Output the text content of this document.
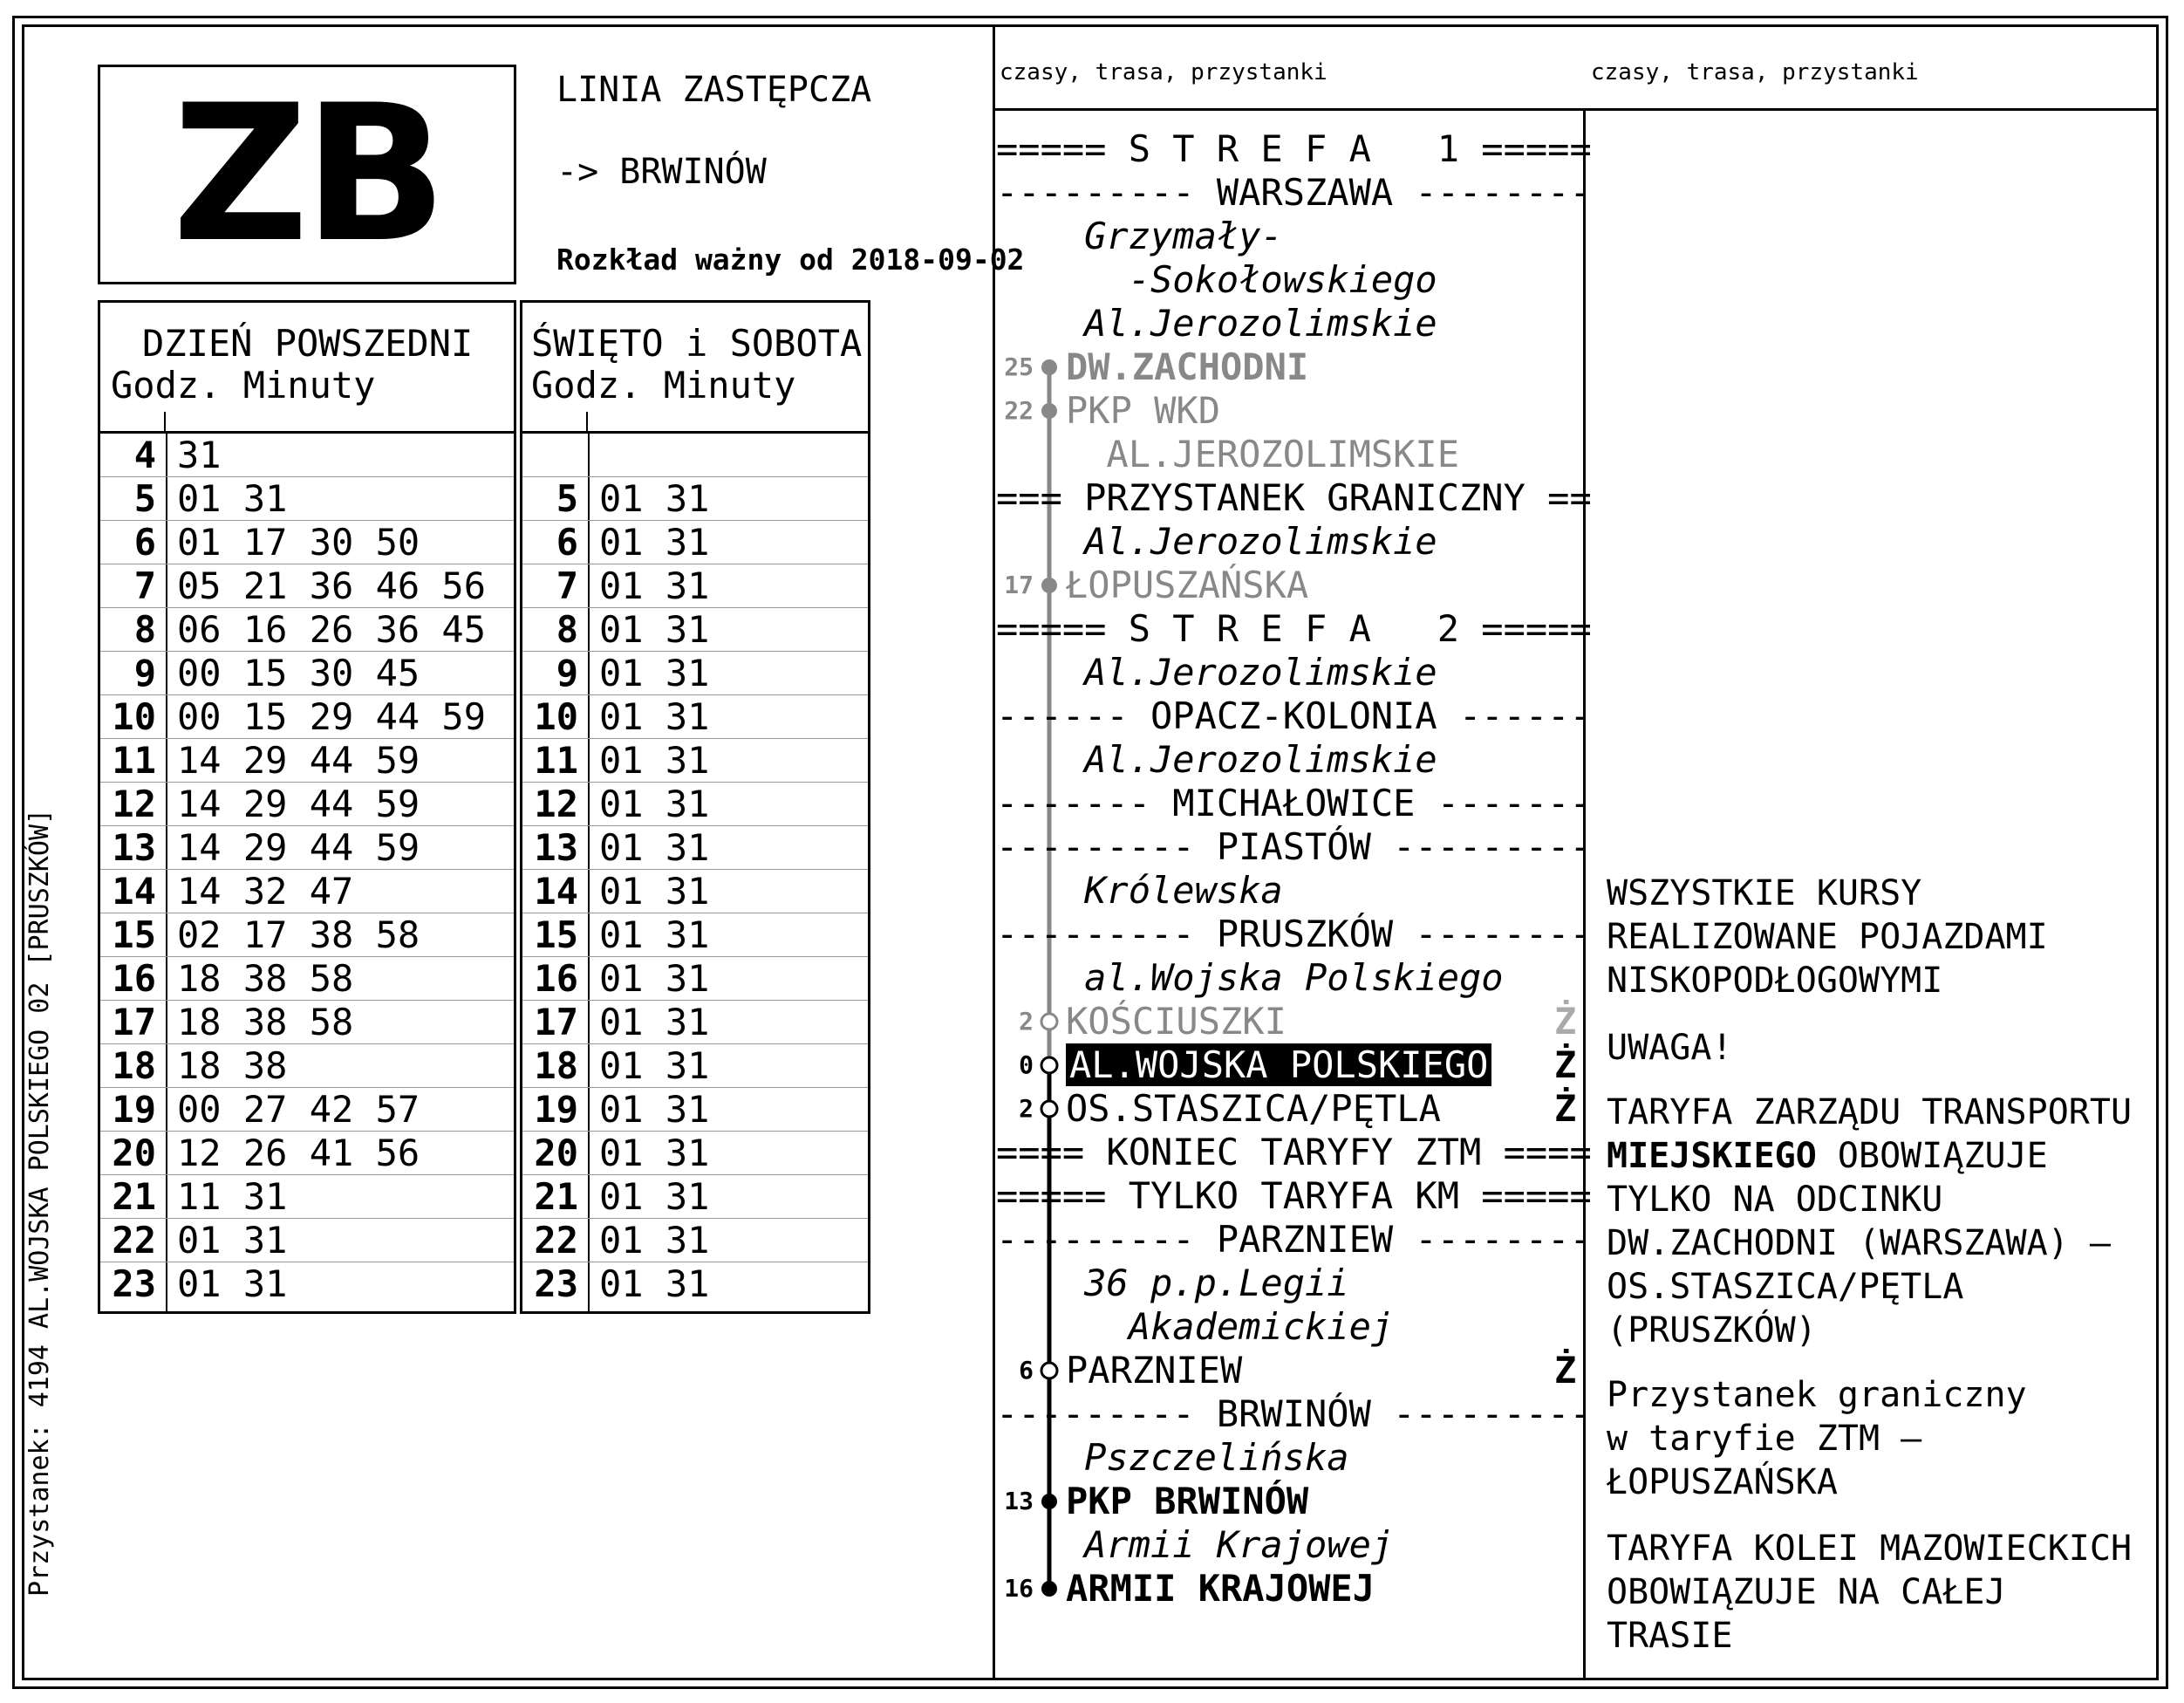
ZB	LINIA ZASTĘPCZA
-> BRWINÓW
Rozkład ważny od 2018-09-02
DZIEŃ POWSZEDNI
Godz. Minuty
4 31
5 01 31
6 01 17 30 50
7 05 21 36 46 56
8 06 16 26 36 45
9 00 15 30 45
10 00 15 29 44 59
11 14 29 44 59
12 14 29 44 59
13 14 29 44 59
14 14 32 47
15 02 17 38 58
16 18 38 58
17 18 38 58
18 18 38
19 00 27 42 57
20 12 26 41 56
21 11 31
22 01 31
23 01 31
ŚWIĘTO i SOBOTA
Godz. Minuty
5 01 31
6 01 31
7 01 31
8 01 31
9 01 31
10 01 31
11 01 31
12 01 31
13 01 31
14 01 31
15 01 31
16 01 31
17 01 31
18 01 31
19 01 31
20 01 31
21 01 31
22 01 31
23 01 31
Przystanek: 4194 AL.WOJSKA POLSKIEGO 02 [PRUSZKÓW]
czasy, trasa, przystanki	czasy, trasa, przystanki
===== S T R E F A   1 =====
--------- WARSZAWA --------
Grzymały-
-Sokołowskiego
Al.Jerozolimskie
25 DW.ZACHODNI
22 PKP WKD
AL.JEROZOLIMSKIE
=== PRZYSTANEK GRANICZNY ==
Al.Jerozolimskie
17 ŁOPUSZAŃSKA
===== S T R E F A   2 =====
Al.Jerozolimskie
------ OPACZ-KOLONIA ------
Al.Jerozolimskie
------- MICHAŁOWICE -------
--------- PIASTÓW ---------
Królewska
--------- PRUSZKÓW --------
al.Wojska Polskiego
2 KOŚCIUSZKI	Ż
0 AL.WOJSKA POLSKIEGO Ż
2 OS.STASZICA/PĘTLA	Ż
==== KONIEC TARYFY ZTM ====
===== TYLKO TARYFA KM =====
--------- PARZNIEW --------
36 p.p.Legii
Akademickiej
6 PARZNIEW	Ż
--------- BRWINÓW ---------
Pszczelińska
13 PKP BRWINÓW
Armii Krajowej
16 ARMII KRAJOWEJ
WSZYSTKIE KURSY
REALIZOWANE POJAZDAMI
NISKOPODŁOGOWYMI
UWAGA!
TARYFA ZARZĄDU TRANSPORTU
MIEJSKIEGO OBOWIĄZUJE
TYLKO NA ODCINKU
DW.ZACHODNI (WARSZAWA) –
OS.STASZICA/PĘTLA
(PRUSZKÓW)
Przystanek graniczny
w taryfie ZTM –
ŁOPUSZAŃSKA
TARYFA KOLEI MAZOWIECKICH
OBOWIĄZUJE NA CAŁEJ
TRASIE
